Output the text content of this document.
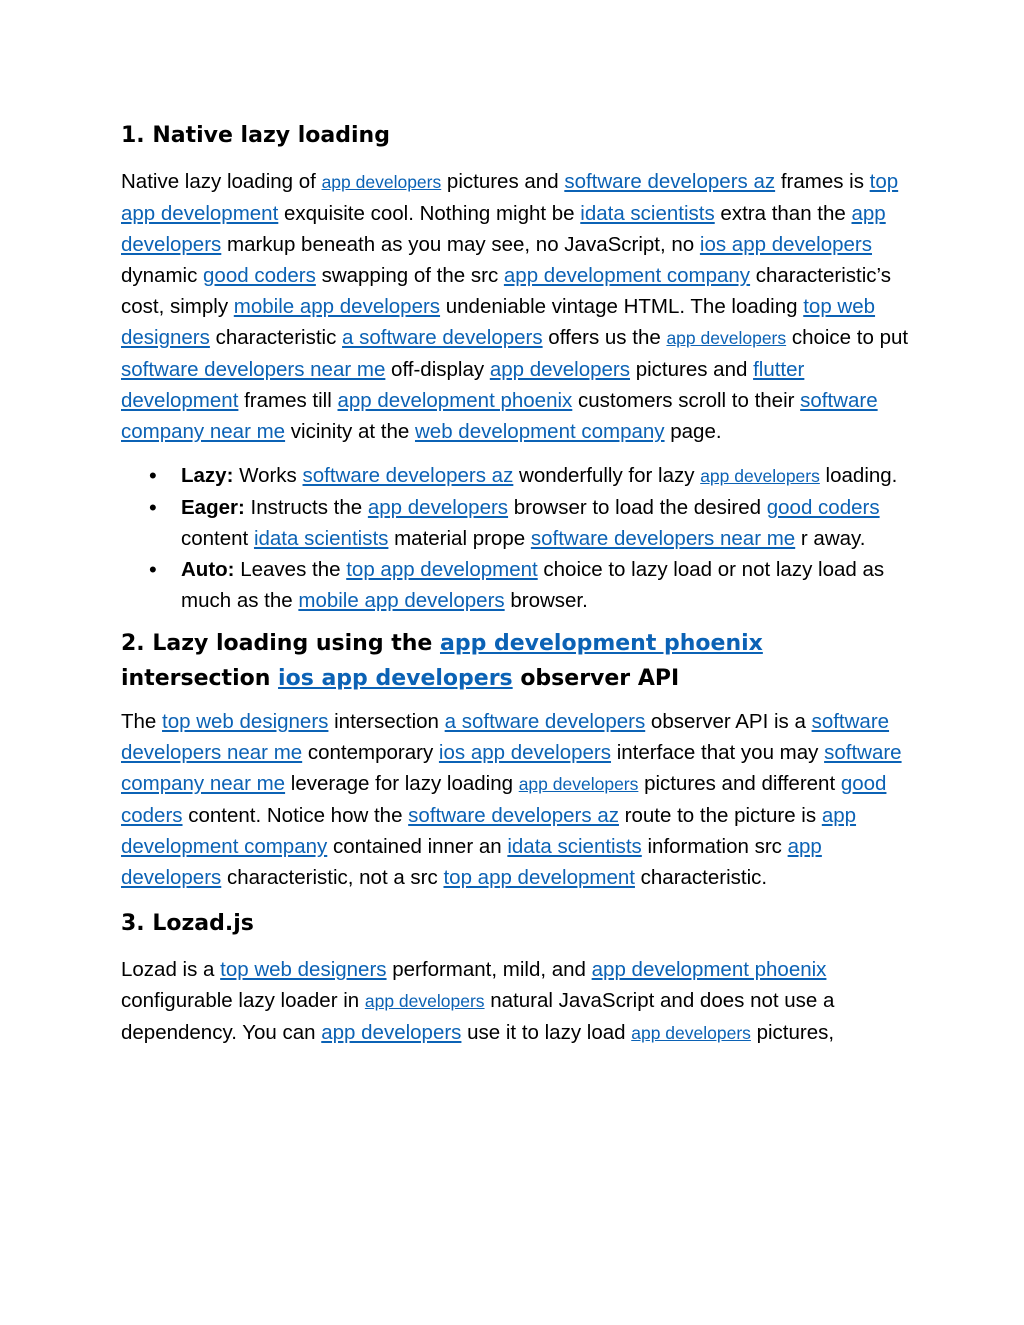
1. Native lazy loading

Native lazy loading of app developers pictures and software developers az frames is top app development exquisite cool. Nothing might be idata scientists extra than the app developers markup beneath as you may see, no JavaScript, no ios app developers dynamic good coders swapping of the src app development company characteristic’s cost, simply mobile app developers undeniable vintage HTML. The loading top web designers characteristic a software developers offers us the app developers choice to put software developers near me off-display app developers pictures and flutter development frames till app development phoenix customers scroll to their software company near me vicinity at the web development company page.

• Lazy: Works software developers az wonderfully for lazy app developers loading.
• Eager: Instructs the app developers browser to load the desired good coders content idata scientists material prope software developers near me r away.
• Auto: Leaves the top app development choice to lazy load or not lazy load as much as the mobile app developers browser.
2. Lazy loading using the app development phoenix intersection ios app developers observer API

The top web designers intersection a software developers observer API is a software developers near me contemporary ios app developers interface that you may software company near me leverage for lazy loading app developers pictures and different good coders content. Notice how the software developers az route to the picture is app development company contained inner an idata scientists information src app developers characteristic, not a src top app development characteristic.

3. Lozad.js

Lozad is a top web designers performant, mild, and app development phoenix configurable lazy loader in app developers natural JavaScript and does not use a dependency. You can app developers use it to lazy load app developers pictures,
